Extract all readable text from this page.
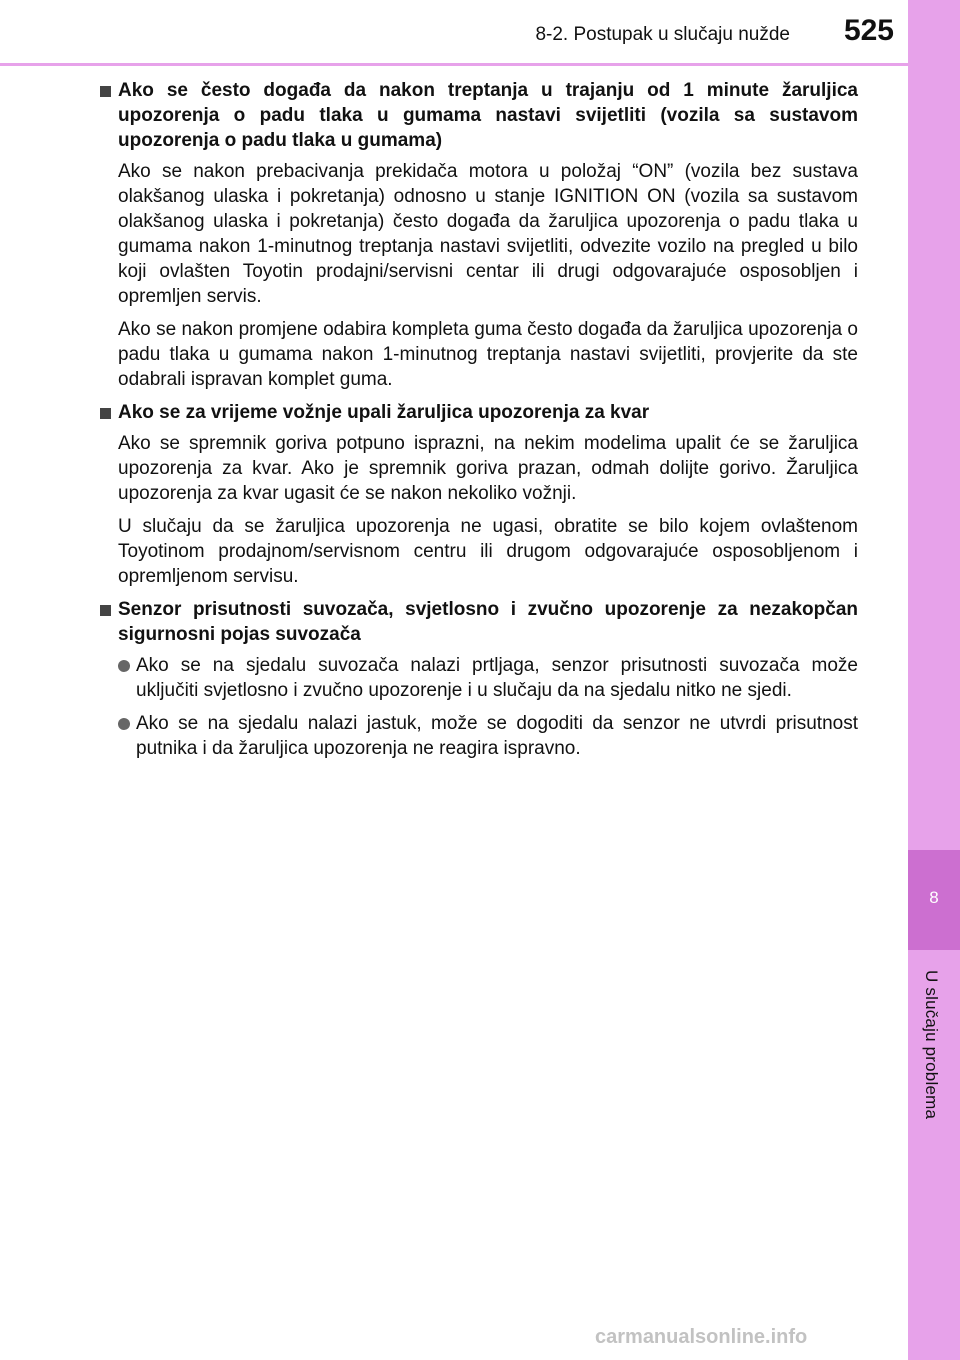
8
U slučaju problema
8-2. Postupak u slučaju nužde	525
Ako se često događa da nakon treptanja u trajanju od 1 minute žaruljica upozorenja o padu tlaka u gumama nastavi svijetliti (vozila sa sustavom upozorenja o padu tlaka u gumama)
Ako se nakon prebacivanja prekidača motora u položaj “ON” (vozila bez sustava olakšanog ulaska i pokretanja) odnosno u stanje IGNITION ON (vozila sa sustavom olakšanog ulaska i pokretanja) često događa da žaruljica upozorenja o padu tlaka u gumama nakon 1-minutnog treptanja nastavi svijetliti, odvezite vozilo na pregled u bilo koji ovlašten Toyotin prodajni/servisni centar ili drugi odgovarajuće osposobljen i opremljen servis.
Ako se nakon promjene odabira kompleta guma često događa da žaruljica upozorenja o padu tlaka u gumama nakon 1-minutnog treptanja nastavi svijetliti, provjerite da ste odabrali ispravan komplet guma.
Ako se za vrijeme vožnje upali žaruljica upozorenja za kvar
Ako se spremnik goriva potpuno isprazni, na nekim modelima upalit će se žaruljica upozorenja za kvar. Ako je spremnik goriva prazan, odmah dolijte gorivo. Žaruljica upozorenja za kvar ugasit će se nakon nekoliko vožnji.
U slučaju da se žaruljica upozorenja ne ugasi, obratite se bilo kojem ovlaštenom Toyotinom prodajnom/servisnom centru ili drugom odgovarajuće osposobljenom i opremljenom servisu.
Senzor prisutnosti suvozača, svjetlosno i zvučno upozorenje za nezakopčan sigurnosni pojas suvozača
Ako se na sjedalu suvozača nalazi prtljaga, senzor prisutnosti suvozača može uključiti svjetlosno i zvučno upozorenje i u slučaju da na sjedalu nitko ne sjedi.
Ako se na sjedalu nalazi jastuk, može se dogoditi da senzor ne utvrdi prisutnost putnika i da žaruljica upozorenja ne reagira ispravno.
carmanualsonline.info
